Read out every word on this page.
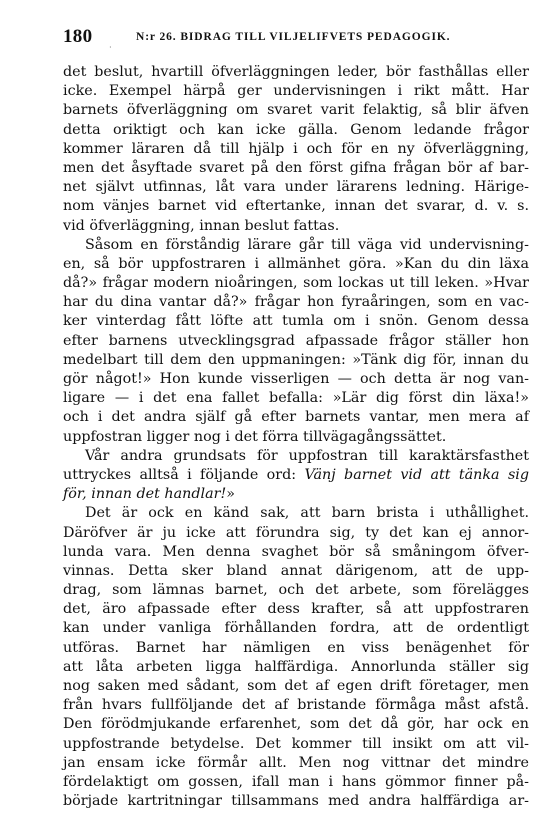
180
·
N:r 26. BIDRAG TILL VILJELIFVETS PEDAGOGIK.
det beslut, hvartill öfverläggningen leder, bör fasthållas eller
icke. Exempel härpå ger undervisningen i rikt mått. Har
barnets öfverläggning om svaret varit felaktig, så blir äfven
detta oriktigt och kan icke gälla. Genom ledande frågor
kommer läraren då till hjälp i och för en ny öfverläggning,
men det åsyftade svaret på den först gifna frågan bör af bar-
net självt utfinnas, låt vara under lärarens ledning. Härige-
nom vänjes barnet vid eftertanke, innan det svarar, d. v. s.
vid öfverläggning, innan beslut fattas.
Såsom en förståndig lärare går till väga vid undervisning-
en, så bör uppfostraren i allmänhet göra. »Kan du din läxa
då?» frågar modern nioåringen, som lockas ut till leken. »Hvar
har du dina vantar då?» frågar hon fyraåringen, som en vac-
ker vinterdag fått löfte att tumla om i snön. Genom dessa
efter barnens utvecklingsgrad afpassade frågor ställer hon
medelbart till dem den uppmaningen: »Tänk dig för, innan du
gör något!» Hon kunde visserligen — och detta är nog van-
ligare — i det ena fallet befalla: »Lär dig först din läxa!»
och i det andra själf gå efter barnets vantar, men mera af
uppfostran ligger nog i det förra tillvägagångssättet.
Vår andra grundsats för uppfostran till karaktärsfasthet
uttryckes alltså i följande ord: Vänj barnet vid att tänka sig
för, innan det handlar!»
Det är ock en känd sak, att barn brista i uthållighet.
Däröfver är ju icke att förundra sig, ty det kan ej annor-
lunda vara. Men denna svaghet bör så småningom öfver-
vinnas. Detta sker bland annat därigenom, att de upp-
drag, som lämnas barnet, och det arbete, som föreläggеs
det, äro afpassade efter dess krafter, så att uppfostraren
kan under vanliga förhållanden fordra, att de ordentligt
utföras. Barnet har nämligen en viss benägenhet för
att låta arbeten ligga halffärdiga. Annorlunda ställer sig
nog saken med sådant, som det af egen drift företager, men
från hvars fullföljande det af bristande förmåga måst afstå.
Den förödmjukande erfarenhet, som det då gör, har ock en
uppfostrande betydelse. Det kommer till insikt om att vil-
jan ensam icke förmår allt. Men nog vittnar det mindre
fördelaktigt om gossen, ifall man i hans gömmor finner på-
började kartritningar tillsammans med andra halffärdiga ar-
